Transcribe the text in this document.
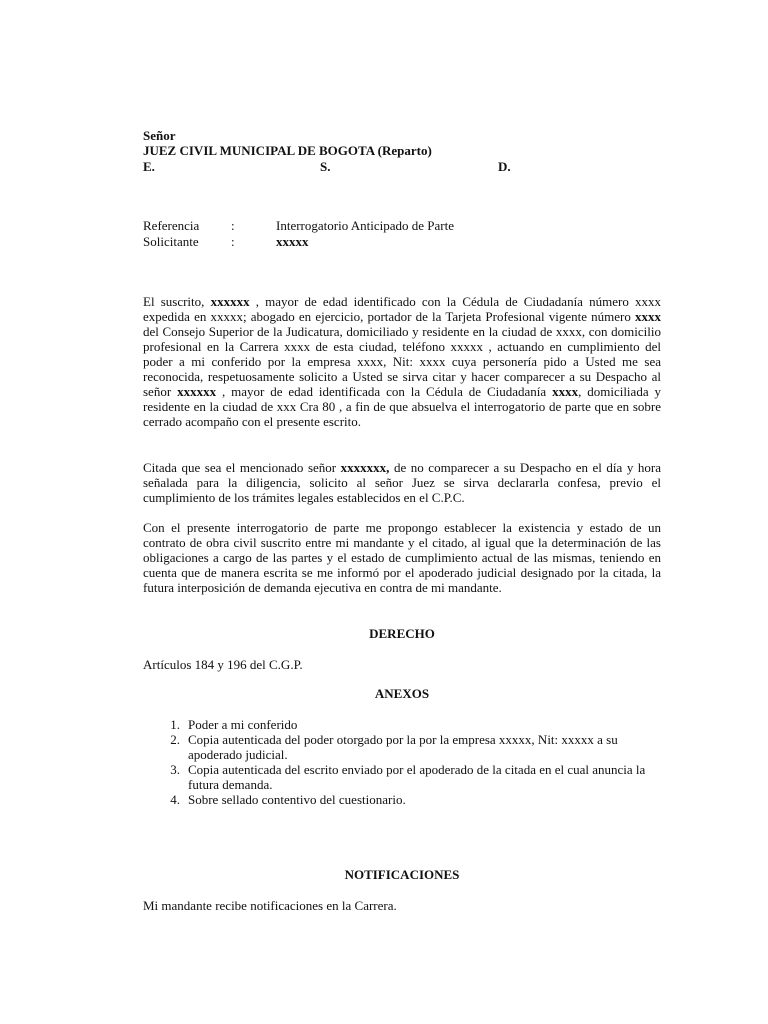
Señor
JUEZ CIVIL MUNICIPAL DE BOGOTA (Reparto)
E.	S.	D.
Referencia :	Interrogatorio Anticipado de Parte
Solicitante :	xxxxx
El suscrito, xxxxxx , mayor de edad identificado con la Cédula de Ciudadanía número xxxx expedida en xxxxx; abogado en ejercicio, portador de la Tarjeta Profesional vigente número xxxx del Consejo Superior de la Judicatura, domiciliado y residente en la ciudad de xxxx, con domicilio profesional en la Carrera xxxx de esta ciudad, teléfono xxxxx , actuando en cumplimiento del poder a mi conferido por la empresa xxxx, Nit: xxxx cuya personería pido a Usted me sea reconocida, respetuosamente solicito a Usted se sirva citar y hacer comparecer a su Despacho al señor xxxxxx , mayor de edad identificada con la Cédula de Ciudadanía xxxx, domiciliada y residente en la ciudad de xxx Cra 80 , a fin de que absuelva el interrogatorio de parte que en sobre cerrado acompaño con el presente escrito.
Citada que sea el mencionado señor xxxxxxx, de no comparecer a su Despacho en el día y hora señalada para la diligencia, solicito al señor Juez se sirva declararla confesa, previo el cumplimiento de los trámites legales establecidos en el C.P.C.
Con el presente interrogatorio de parte me propongo establecer la existencia y estado de un contrato de obra civil suscrito entre mi mandante y el citado, al igual que la determinación de las obligaciones a cargo de las partes y el estado de cumplimiento actual de las mismas, teniendo en cuenta que de manera escrita se me informó por el apoderado judicial designado por la citada, la futura interposición de demanda ejecutiva en contra de mi mandante.
DERECHO
Artículos 184 y 196 del C.G.P.
ANEXOS
1. Poder a mi conferido
2. Copia autenticada del poder otorgado por la por la empresa xxxxx, Nit: xxxxx a su apoderado judicial.
3. Copia autenticada del escrito enviado por el apoderado de la citada en el cual anuncia la futura demanda.
4. Sobre sellado contentivo del cuestionario.
NOTIFICACIONES
Mi mandante recibe notificaciones en la Carrera.
